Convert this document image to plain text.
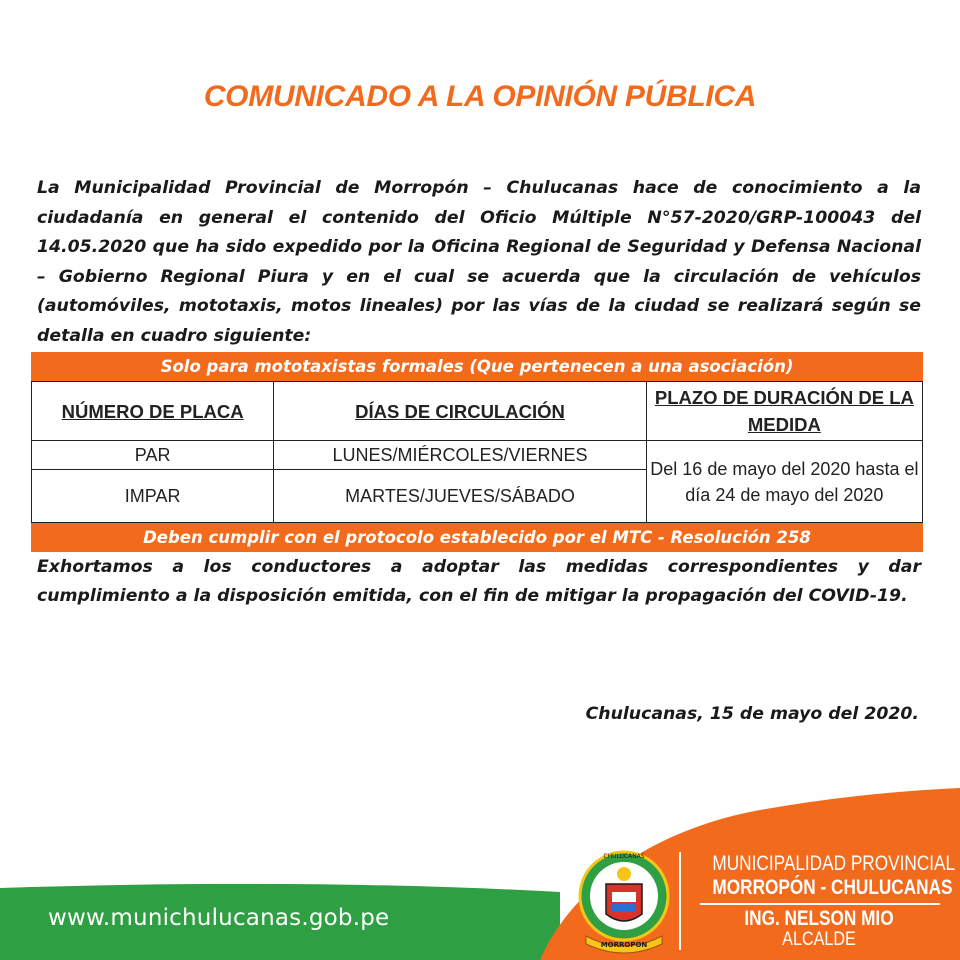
COMUNICADO A LA OPINIÓN PÚBLICA
La Municipalidad Provincial de Morropón – Chulucanas hace de conocimiento a la ciudadanía en general el contenido del Oficio Múltiple N°57-2020/GRP-100043 del 14.05.2020 que ha sido expedido por la Oficina Regional de Seguridad y Defensa Nacional – Gobierno Regional Piura y en el cual se acuerda que la circulación de vehículos (automóviles, mototaxis, motos lineales) por las vías de la ciudad se realizará según se detalla en cuadro siguiente:
Solo para mototaxistas formales (Que pertenecen a una asociación)
NÚMERO DE PLACA	DÍAS DE CIRCULACIÓN	PLAZO DE DURACIÓN DE LA MEDIDA
PAR	LUNES/MIÉRCOLES/VIERNES	Del 16 de mayo del 2020 hasta el día 24 de mayo del 2020
IMPAR	MARTES/JUEVES/SÁBADO	
Deben cumplir con el protocolo establecido por el MTC - Resolución 258
Exhortamos a los conductores a adoptar las medidas correspondientes y dar cumplimiento a la disposición emitida, con el fin de mitigar la propagación del COVID-19.
Chulucanas, 15 de mayo del 2020.
www.munichulucanas.gob.pe
MORROPON
CHULUCANAS	MUNICIPALIDAD PROVINCIAL
MORROPÓN - CHULUCANAS
ING. NELSON MIO
ALCALDE
